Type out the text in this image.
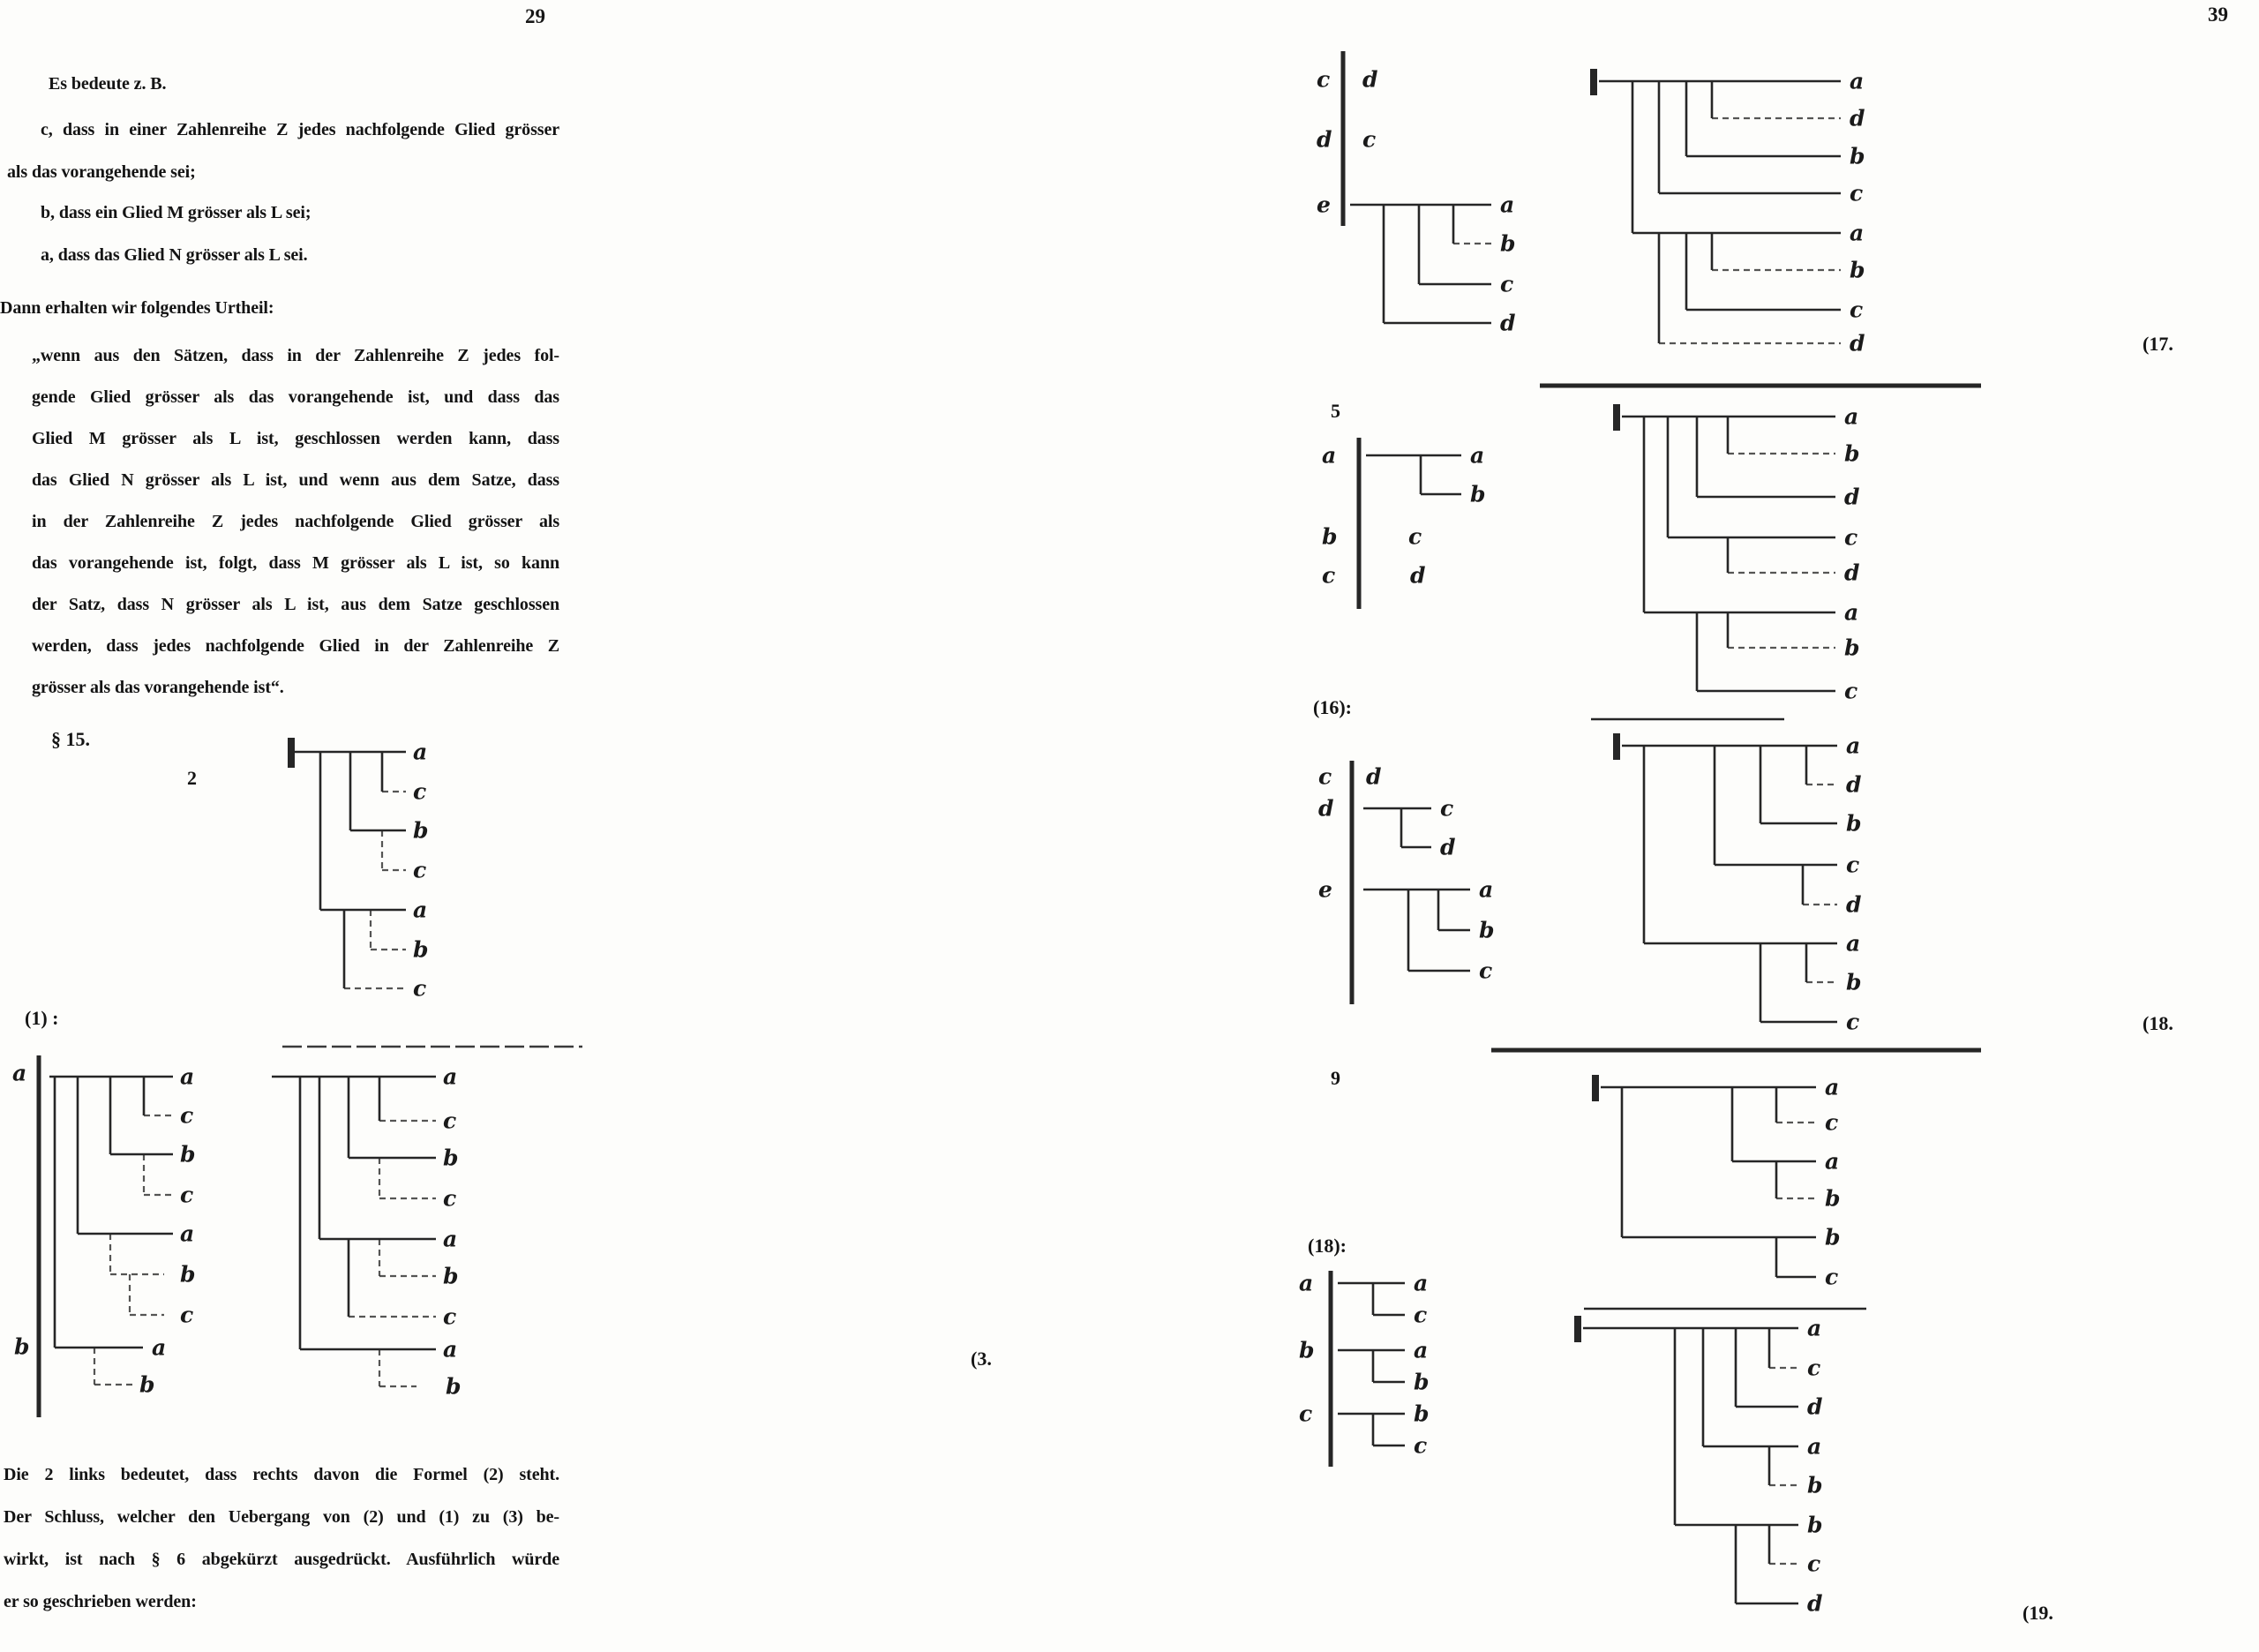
a
c
b
c
a
b
c
a
b
a
c
b
c
a
b
c
a
b
a
c
b
c
a
b
c
a
b
c d
d c
e	a
b
c
d
a
d
b
c
a
b
c
d
a
b
c
a
b
c
d
a
b
d
c
d
a
b
c
c d
d	c
d
e	a
b
c
a
d
b
c
d
a
b
c
a
c
a
b
b
c
a
b
c
a
c
a
b
b
c
a
c
d
a
b
b
c
d
29	39
Es bedeute z. B.
c, dass in einer Zahlenreihe Z jedes nachfolgende Glied grösser
als das vorangehende sei;
b, dass ein Glied M grösser als L sei;
a, dass das Glied N grösser als L sei.
Dann erhalten wir folgendes Urtheil:
„wenn aus den Sätzen, dass in der Zahlenreihe Z jedes fol-
gende Glied grösser als das vorangehende ist, und dass das
Glied M grösser als L ist, geschlossen werden kann, dass
das Glied N grösser als L ist, und wenn aus dem Satze, dass
in der Zahlenreihe Z jedes nachfolgende Glied grösser als
das vorangehende ist, folgt, dass M grösser als L ist, so kann
der Satz, dass N grösser als L ist, aus dem Satze geschlossen
werden, dass jedes nachfolgende Glied in der Zahlenreihe Z
grösser als das vorangehende ist“.
Die 2 links bedeutet, dass rechts davon die Formel (2) steht.
Der Schluss, welcher den Uebergang von (2) und (1) zu (3) be-
wirkt, ist nach § 6 abgekürzt ausgedrückt. Ausführlich würde
er so geschrieben werden:
§ 15.
2
(1) :
(3.
(17.
5
(16):
(18.
9
(18):
(19.
